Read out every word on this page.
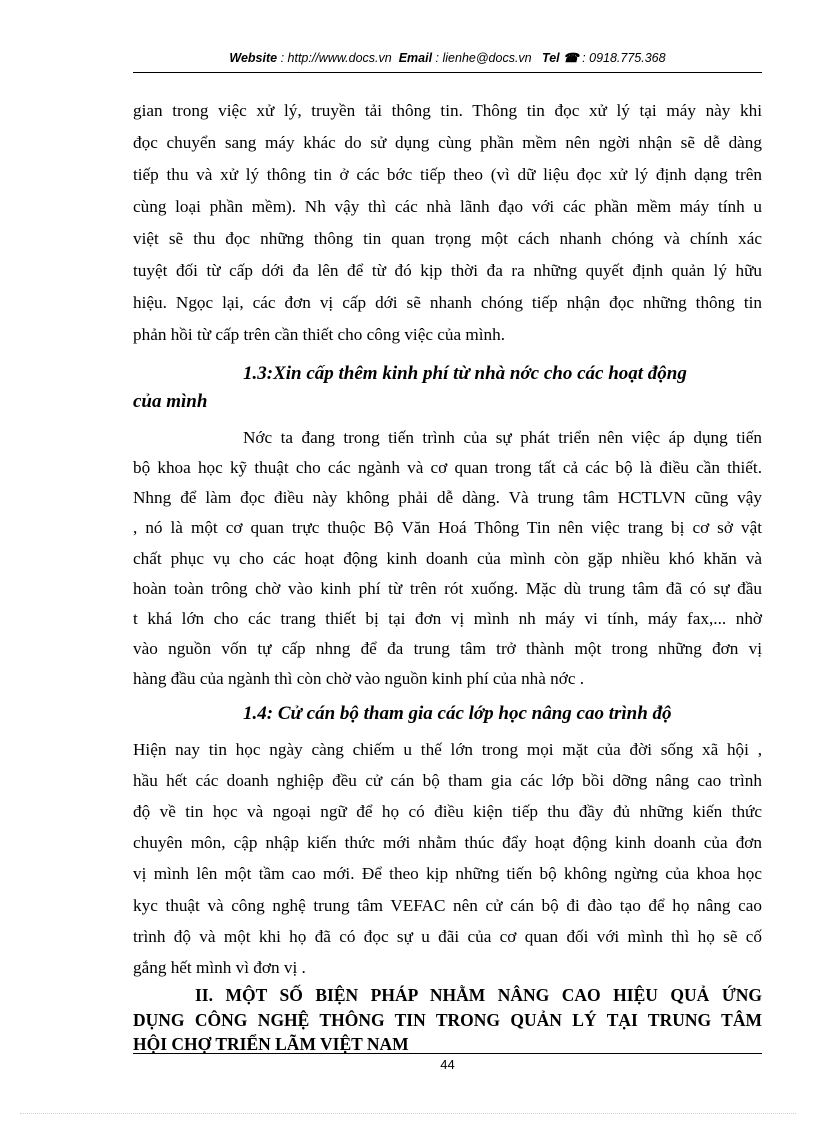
Website : http://www.docs.vn Email : lienhe@docs.vn Tel ☎ : 0918.775.368
gian trong việc xử lý, truyền tải thông tin. Thông tin đọc xử lý tại máy này khi
đọc chuyển sang máy khác do sử dụng cùng phần mềm nên ngời nhận sẽ dễ dàng
tiếp thu và xử lý thông tin ở các bớc tiếp theo (vì dữ liệu đọc xử lý định dạng trên
cùng loại phần mềm). Nh vậy thì các nhà lãnh đạo với các phần mềm máy tính u
việt sẽ thu đọc những thông tin quan trọng một cách nhanh chóng và chính xác
tuyệt đối từ cấp dới đa lên để từ đó kịp thời đa ra những quyết định quản lý hữu
hiệu. Ngọc lại, các đơn vị cấp dới sẽ nhanh chóng tiếp nhận đọc những thông tin
phản hồi từ cấp trên cần thiết cho công việc của mình.
1.3:Xin cấp thêm kinh phí từ nhà nớc cho các hoạt động
của mình
Nớc ta đang trong tiến trình của sự phát triển nên việc áp dụng tiến
bộ khoa học kỹ thuật cho các ngành và cơ quan trong tất cả các bộ là điều cần thiết.
Nhng để làm đọc điều này không phải dễ dàng. Và trung tâm HCTLVN cũng vậy
, nó là một cơ quan trực thuộc Bộ Văn Hoá Thông Tin nên việc trang bị cơ sở vật
chất phục vụ cho các hoạt động kinh doanh của mình còn gặp nhiều khó khăn và
hoàn toàn trông chờ vào kinh phí từ trên rót xuống. Mặc dù trung tâm đã có sự đầu
t khá lớn cho các trang thiết bị tại đơn vị mình nh máy vi tính, máy fax,... nhờ
vào nguồn vốn tự cấp nhng để đa trung tâm trở thành một trong những đơn vị
hàng đầu của ngành thì còn chờ vào nguồn kinh phí của nhà nớc .
1.4: Cử cán bộ tham gia các lớp học nâng cao trình độ
Hiện nay tin học ngày càng chiếm u thế lớn trong mọi mặt của đời sống xã hội ,
hầu hết các doanh nghiệp đều cử cán bộ tham gia các lớp bồi dỡng nâng cao trình
độ về tin học và ngoại ngữ để họ có điều kiện tiếp thu đầy đủ những kiến thức
chuyên môn, cập nhập kiến thức mới nhằm thúc đẩy hoạt động kinh doanh của đơn
vị mình lên một tầm cao mới. Để theo kịp những tiến bộ không ngừng của khoa học
kyc thuật và công nghệ trung tâm VEFAC nên cử cán bộ đi đào tạo để họ nâng cao
trình độ và một khi họ đã có đọc sự u đãi của cơ quan đối với mình thì họ sẽ cố
gắng hết mình vì đơn vị .
II. MỘT SỐ BIỆN PHÁP NHẰM NÂNG CAO HIỆU QUẢ ỨNG
DỤNG CÔNG NGHỆ THÔNG TIN TRONG QUẢN LÝ TẠI TRUNG TÂM
HỘI CHỢ TRIỂN LÃM VIỆT NAM
44
